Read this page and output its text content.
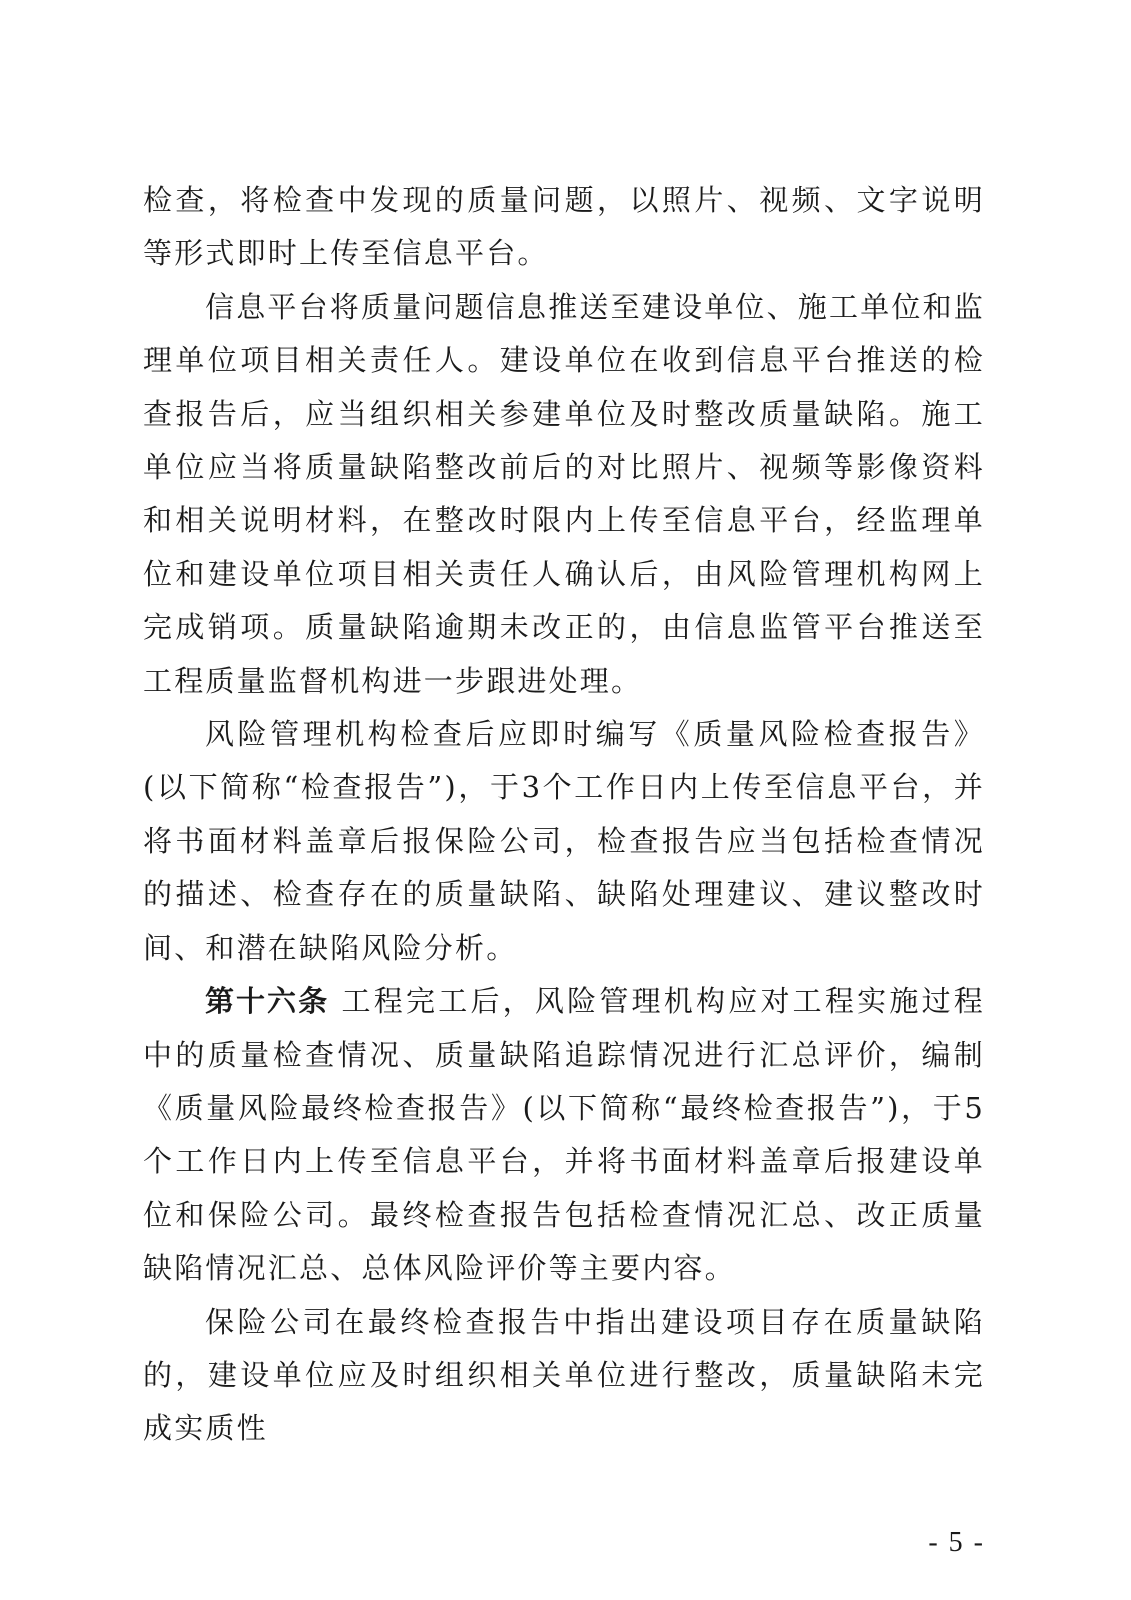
检查，将检查中发现的质量问题，以照片、视频、文字说明等形式即时上传至信息平台。

信息平台将质量问题信息推送至建设单位、施工单位和监理单位项目相关责任人。建设单位在收到信息平台推送的检查报告后，应当组织相关参建单位及时整改质量缺陷。施工单位应当将质量缺陷整改前后的对比照片、视频等影像资料和相关说明材料，在整改时限内上传至信息平台，经监理单位和建设单位项目相关责任人确认后，由风险管理机构网上完成销项。质量缺陷逾期未改正的，由信息监管平台推送至工程质量监督机构进一步跟进处理。

风险管理机构检查后应即时编写《质量风险检查报告》(以下简称“检查报告”)，于3个工作日内上传至信息平台，并将书面材料盖章后报保险公司，检查报告应当包括检查情况的描述、检查存在的质量缺陷、缺陷处理建议、建议整改时间、和潜在缺陷风险分析。

第十六条 工程完工后，风险管理机构应对工程实施过程中的质量检查情况、质量缺陷追踪情况进行汇总评价，编制《质量风险最终检查报告》(以下简称“最终检查报告”)，于5个工作日内上传至信息平台，并将书面材料盖章后报建设单位和保险公司。最终检查报告包括检查情况汇总、改正质量缺陷情况汇总、总体风险评价等主要内容。

保险公司在最终检查报告中指出建设项目存在质量缺陷的，建设单位应及时组织相关单位进行整改，质量缺陷未完成实质性

- 5 -
